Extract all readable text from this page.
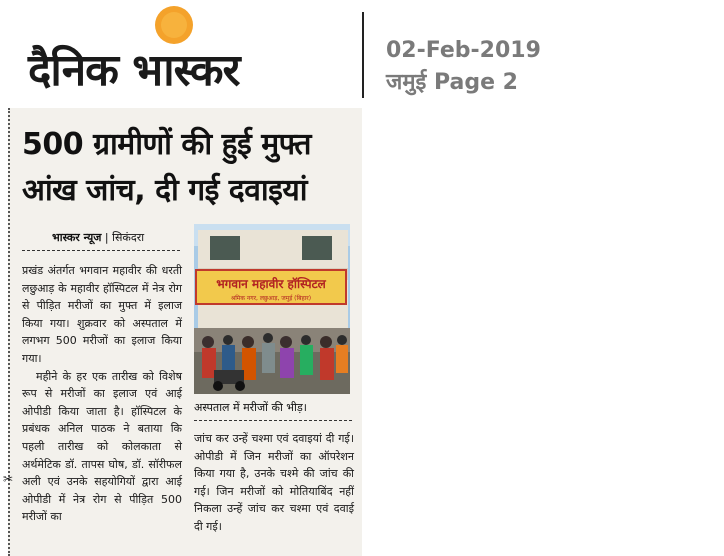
दैनिक भास्कर	02-Feb-2019
जमुई Page 2
✂
500 ग्रामीणों की हुई मुफ्त
आंख जांच, दी गई दवाइयां
भास्कर न्यूज | सिकंदरा

प्रखंड अंतर्गत भगवान महावीर की धरती लछुआड़ के महावीर हॉस्पिटल में नेत्र रोग से पीड़ित मरीजों का मुफ्त में इलाज किया गया। शुक्रवार को अस्पताल में लगभग 500 मरीजों का इलाज किया गया।

महीने के हर एक तारीख को विशेष रूप से मरीजों का इलाज एवं आई ओपीडी किया जाता है। हॉस्पिटल के प्रबंधक अनिल पाठक ने बताया कि पहली तारीख को कोलकाता से अर्थमेटिक डॉ. तापस घोष, डॉ. सॉरीफल अली एवं उनके सहयोगियों द्वारा आई ओपीडी में नेत्र रोग से पीड़ित 500 मरीजों का

भगवान महावीर हॉस्पिटल
श्रमिक नगर, लछुआड़, जमुई (बिहार)
अस्पताल में मरीजों की भीड़।

जांच कर उन्हें चश्मा एवं दवाइयां दी गई। ओपीडी में जिन मरीजों का ऑपरेशन किया गया है, उनके चश्मे की जांच की गई। जिन मरीजों को मोतियाबिंद नहीं निकला उन्हें जांच कर चश्मा एवं दवाई दी गई।
